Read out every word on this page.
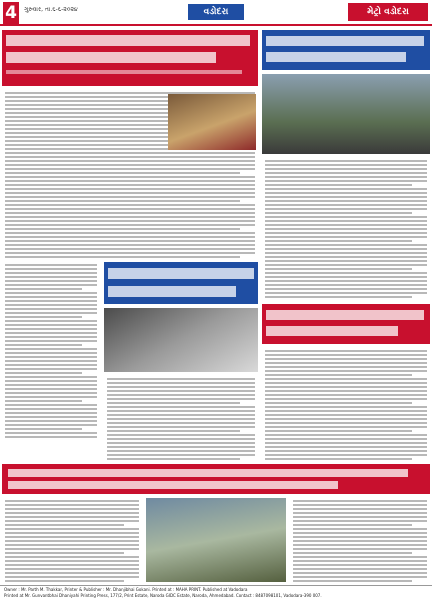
4	ગુરુવાર, તા.૬-૬-૨૦૨૪	વડોદરા	મેટ્રો વડોદરા

Owner : Mr. Parth M. Thakkar, Printer & Publisher : Mr. Dhanjibhai Gokani. Printed at : MAHA PRINT. Published at Vadodara

Printed at Mr. Gunvantbhai Dhaniyahi Printing Press, 177/2, Print Estate, Naroda GIDC Estate, Naroda, Ahmedabad. Contact : 8487098101, Vadodara-390 007.
